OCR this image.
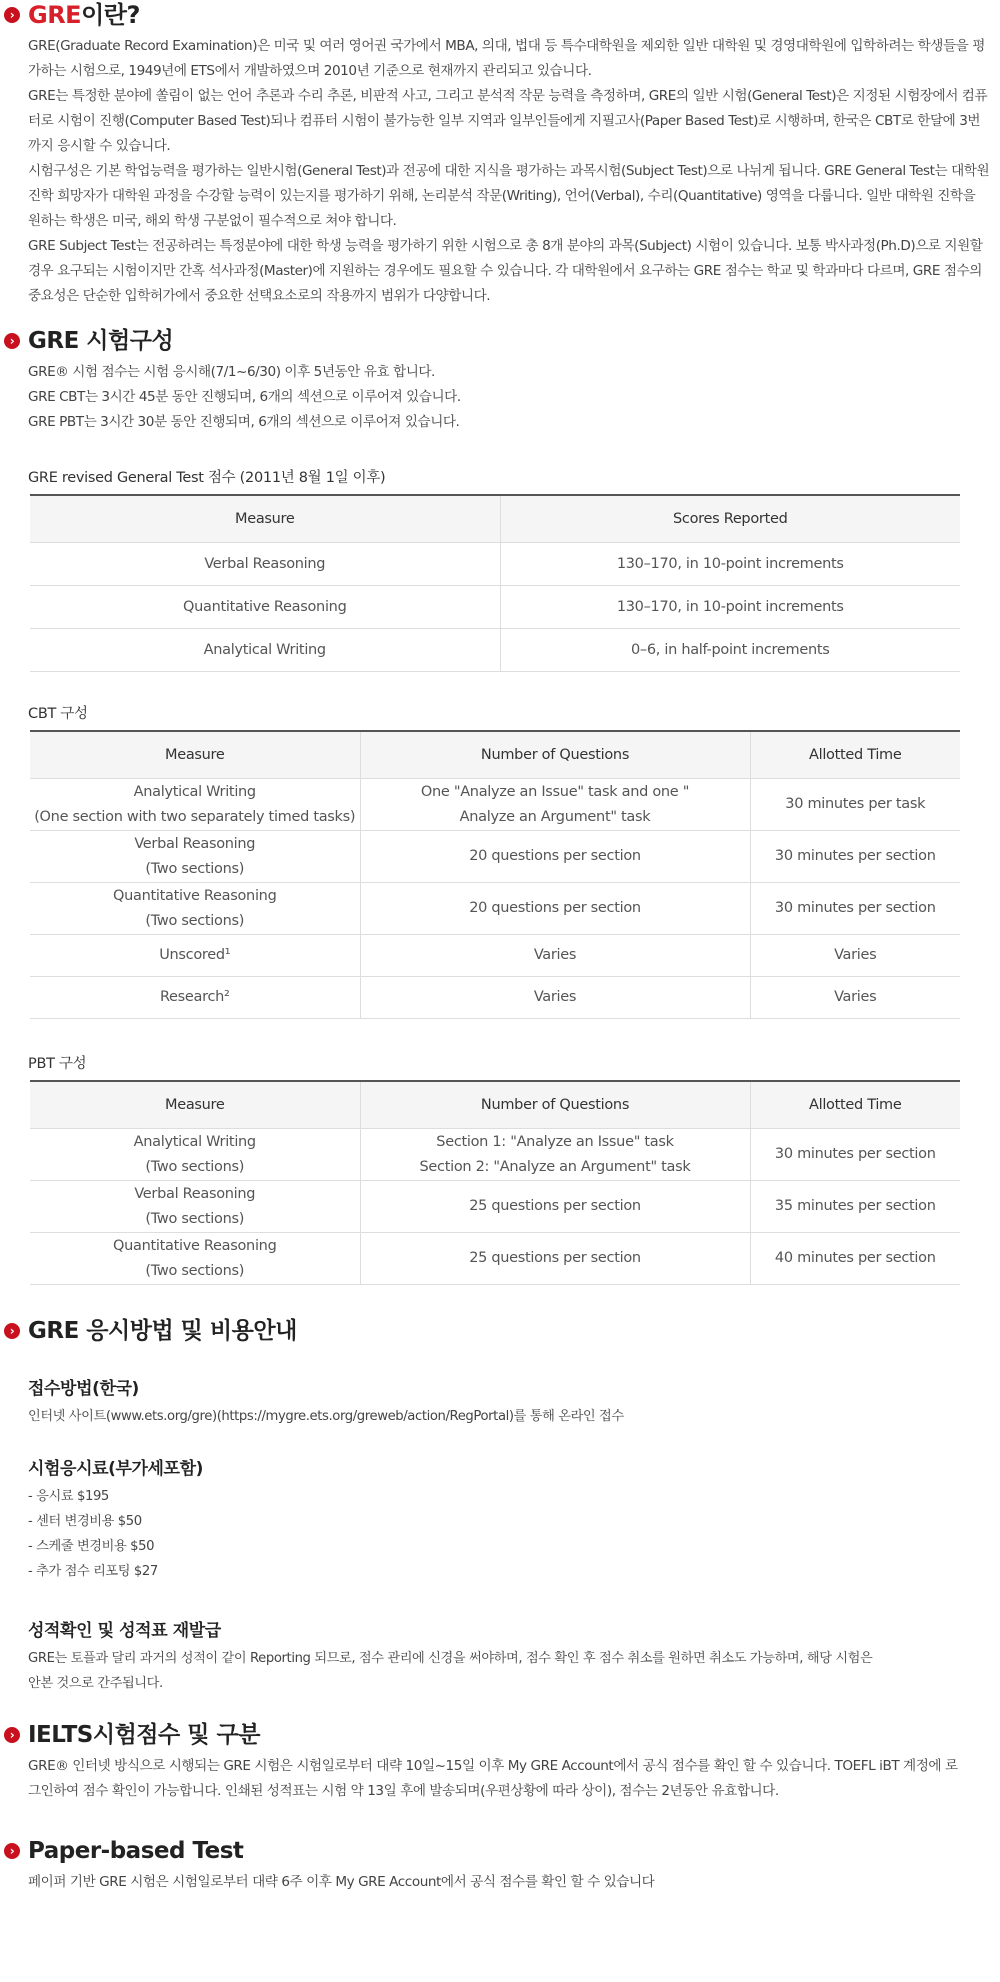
› GRE이란?

GRE(Graduate Record Examination)은 미국 및 여러 영어권 국가에서 MBA, 의대, 법대 등 특수대학원을 제외한 일반 대학원 및 경영대학원에 입학하려는 학생들을 평가하는 시험으로, 1949년에 ETS에서 개발하였으며 2010년 기준으로 현재까지 관리되고 있습니다.

GRE는 특정한 분야에 쏠림이 없는 언어 추론과 수리 추론, 비판적 사고, 그리고 분석적 작문 능력을 측정하며, GRE의 일반 시험(General Test)은 지정된 시험장에서 컴퓨터로 시험이 진행(Computer Based Test)되나 컴퓨터 시험이 불가능한 일부 지역과 일부인들에게 지필고사(Paper Based Test)로 시행하며, 한국은 CBT로 한달에 3번까지 응시할 수 있습니다.

시험구성은 기본 학업능력을 평가하는 일반시험(General Test)과 전공에 대한 지식을 평가하는 과목시험(Subject Test)으로 나뉘게 됩니다. GRE General Test는 대학원 진학 희망자가 대학원 과정을 수강할 능력이 있는지를 평가하기 위해, 논리분석 작문(Writing), 언어(Verbal), 수리(Quantitative) 영역을 다룹니다. 일반 대학원 진학을 원하는 학생은 미국, 해외 학생 구분없이 필수적으로 쳐야 합니다.

GRE Subject Test는 전공하려는 특정분야에 대한 학생 능력을 평가하기 위한 시험으로 총 8개 분야의 과목(Subject) 시험이 있습니다. 보통 박사과정(Ph.D)으로 지원할 경우 요구되는 시험이지만 간혹 석사과정(Master)에 지원하는 경우에도 필요할 수 있습니다. 각 대학원에서 요구하는 GRE 점수는 학교 및 학과마다 다르며, GRE 점수의 중요성은 단순한 입학허가에서 중요한 선택요소로의 작용까지 범위가 다양합니다.

› GRE 시험구성

GRE® 시험 점수는 시험 응시해(7/1~6/30) 이후 5년동안 유효 합니다.

GRE CBT는 3시간 45분 동안 진행되며, 6개의 섹션으로 이루어져 있습니다.

GRE PBT는 3시간 30분 동안 진행되며, 6개의 섹션으로 이루어져 있습니다.

GRE revised General Test 점수 (2011년 8월 1일 이후)
Measure	Scores Reported
Verbal Reasoning	130–170, in 10-point increments
Quantitative Reasoning	130–170, in 10-point increments
Analytical Writing	0–6, in half-point increments
CBT 구성
Measure	Number of Questions	Allotted Time

Analytical Writing
(One section with two separately timed tasks)	One "Analyze an Issue" task and one "
Analyze an Argument" task	30 minutes per task

Verbal Reasoning
(Two sections)	20 questions per section	30 minutes per section

Quantitative Reasoning
(Two sections)	20 questions per section	30 minutes per section
Unscored¹	Varies	Varies
Research²	Varies	Varies
PBT 구성
Measure	Number of Questions	Allotted Time

Analytical Writing
(Two sections)	Section 1: "Analyze an Issue" task
Section 2: "Analyze an Argument" task	30 minutes per section

Verbal Reasoning
(Two sections)	25 questions per section	35 minutes per section

Quantitative Reasoning
(Two sections)	25 questions per section	40 minutes per section
› GRE 응시방법 및 비용안내
접수방법(한국)
인터넷 사이트(www.ets.org/gre)(https://mygre.ets.org/greweb/action/RegPortal)를 통해 온라인 접수
시험응시료(부가세포함)
- 응시료 $195
- 센터 변경비용 $50
- 스케줄 변경비용 $50
- 추가 점수 리포팅 $27
성적확인 및 성적표 재발급
GRE는 토플과 달리 과거의 성적이 같이 Reporting 되므로, 점수 관리에 신경을 써야하며, 점수 확인 후 점수 취소를 원하면 취소도 가능하며, 해당 시험은
안본 것으로 간주됩니다.
› IELTS시험점수 및 구분

GRE® 인터넷 방식으로 시행되는 GRE 시험은 시험일로부터 대략 10일~15일 이후 My GRE Account에서 공식 점수를 확인 할 수 있습니다. TOEFL iBT 계정에 로그인하여 점수 확인이 가능합니다. 인쇄된 성적표는 시험 약 13일 후에 발송되며(우편상황에 따라 상이), 점수는 2년동안 유효합니다.

› Paper-based Test

페이퍼 기반 GRE 시험은 시험일로부터 대략 6주 이후 My GRE Account에서 공식 점수를 확인 할 수 있습니다
